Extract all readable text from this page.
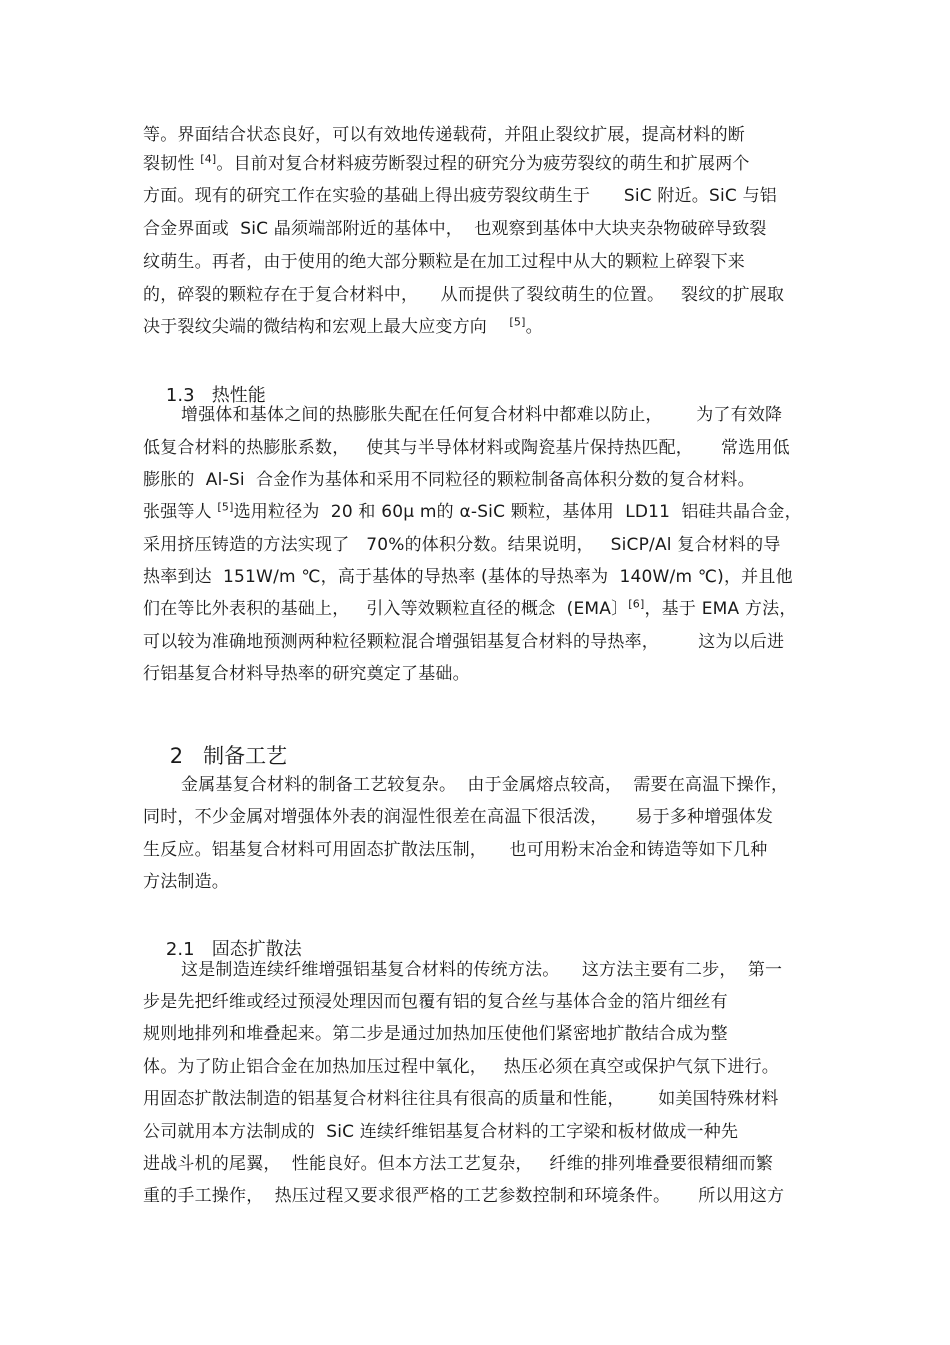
等。界面结合状态良好，可以有效地传递载荷，并阻止裂纹扩展，提高材料的断
裂韧性 [4]。目前对复合材料疲劳断裂过程的研究分为疲劳裂纹的萌生和扩展两个
方面。现有的研究工作在实验的基础上得出疲劳裂纹萌生于      SiC 附近。SiC 与铝
合金界面或  SiC 晶须端部附近的基体中，  也观察到基体中大块夹杂物破碎导致裂
纹萌生。再者，由于使用的绝大部分颗粒是在加工过程中从大的颗粒上碎裂下来
的，碎裂的颗粒存在于复合材料中，    从而提供了裂纹萌生的位置。   裂纹的扩展取
决于裂纹尖端的微结构和宏观上最大应变方向    [5]。

1.3 热性能

增强体和基体之间的热膨胀失配在任何复合材料中都难以防止，      为了有效降
低复合材料的热膨胀系数，   使其与半导体材料或陶瓷基片保持热匹配，     常选用低
膨胀的  Al-Si  合金作为基体和采用不同粒径的颗粒制备高体积分数的复合材料。
张强等人 [5]选用粒径为  20 和 60μ m的 α-SiC 颗粒，基体用  LD11  铝硅共晶合金，
采用挤压铸造的方法实现了   70%的体积分数。结果说明，   SiCP/Al 复合材料的导
热率到达  151W/m ℃，高于基体的导热率 (基体的导热率为  140W/m ℃)，并且他
们在等比外表积的基础上，   引入等效颗粒直径的概念  (EMA〕[6]，基于 EMA 方法，
可以较为准确地预测两种粒径颗粒混合增强铝基复合材料的导热率，       这为以后进
行铝基复合材料导热率的研究奠定了基础。

2 制备工艺

金属基复合材料的制备工艺较复杂。  由于金属熔点较高，  需要在高温下操作，
同时，不少金属对增强体外表的润湿性很差在高温下很活泼，     易于多种增强体发
生反应。铝基复合材料可用固态扩散法压制，    也可用粉末冶金和铸造等如下几种
方法制造。

2.1 固态扩散法

这是制造连续纤维增强铝基复合材料的传统方法。    这方法主要有二步，  第一
步是先把纤维或经过预浸处理因而包覆有铝的复合丝与基体合金的箔片细丝有
规则地排列和堆叠起来。第二步是通过加热加压使他们紧密地扩散结合成为整
体。为了防止铝合金在加热加压过程中氧化，   热压必须在真空或保护气氛下进行。
用固态扩散法制造的铝基复合材料往往具有很高的质量和性能，      如美国特殊材料
公司就用本方法制成的  SiC 连续纤维铝基复合材料的工字梁和板材做成一种先
进战斗机的尾翼，  性能良好。但本方法工艺复杂，   纤维的排列堆叠要很精细而繁
重的手工操作，  热压过程又要求很严格的工艺参数控制和环境条件。     所以用这方
